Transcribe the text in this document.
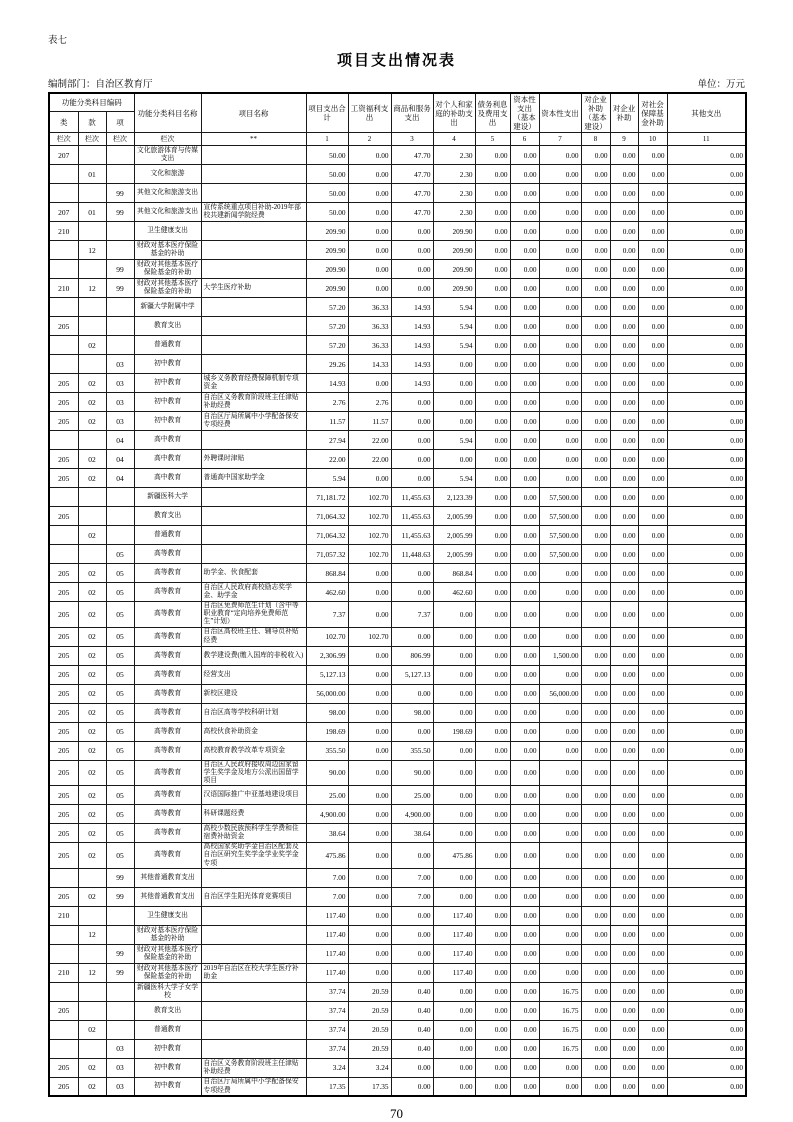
表七
项目支出情况表
编制部门：自治区教育厅	单位：万元
功能分类科目编码			功能分类科目名称	项目名称	项目支出合计	工资福利支出	商品和服务支出	对个人和家庭的补助支出	债务利息及费用支出	资本性支出（基本建设）	资本性支出	对企业补助（基本建设）	对企业补助	对社会保障基金补助	其他支出
类	款	项													
栏次	栏次	栏次	栏次	**	1	2	3	4	5	6	7	8	9	10	11
207			文化旅游体育与传媒支出		50.00	0.00	47.70	2.30	0.00	0.00	0.00	0.00	0.00	0.00	0.00
	01		文化和旅游		50.00	0.00	47.70	2.30	0.00	0.00	0.00	0.00	0.00	0.00	0.00
		99	其他文化和旅游支出		50.00	0.00	47.70	2.30	0.00	0.00	0.00	0.00	0.00	0.00	0.00
207	01	99	其他文化和旅游支出	宣传系统重点项目补助-2019年部校共建新闻学院经费	50.00	0.00	47.70	2.30	0.00	0.00	0.00	0.00	0.00	0.00	0.00
210			卫生健康支出		209.90	0.00	0.00	209.90	0.00	0.00	0.00	0.00	0.00	0.00	0.00
	12		财政对基本医疗保险基金的补助		209.90	0.00	0.00	209.90	0.00	0.00	0.00	0.00	0.00	0.00	0.00
		99	财政对其他基本医疗保险基金的补助		209.90	0.00	0.00	209.90	0.00	0.00	0.00	0.00	0.00	0.00	0.00
210	12	99	财政对其他基本医疗保险基金的补助	大学生医疗补助	209.90	0.00	0.00	209.90	0.00	0.00	0.00	0.00	0.00	0.00	0.00
			新疆大学附属中学		57.20	36.33	14.93	5.94	0.00	0.00	0.00	0.00	0.00	0.00	0.00
205			教育支出		57.20	36.33	14.93	5.94	0.00	0.00	0.00	0.00	0.00	0.00	0.00
	02		普通教育		57.20	36.33	14.93	5.94	0.00	0.00	0.00	0.00	0.00	0.00	0.00
		03	初中教育		29.26	14.33	14.93	0.00	0.00	0.00	0.00	0.00	0.00	0.00	0.00
205	02	03	初中教育	城乡义务教育经费保障机制专项资金	14.93	0.00	14.93	0.00	0.00	0.00	0.00	0.00	0.00	0.00	0.00
205	02	03	初中教育	自治区义务教育阶段班主任津贴补助经费	2.76	2.76	0.00	0.00	0.00	0.00	0.00	0.00	0.00	0.00	0.00
205	02	03	初中教育	自治区厅局所属中小学配备保安专项经费	11.57	11.57	0.00	0.00	0.00	0.00	0.00	0.00	0.00	0.00	0.00
		04	高中教育		27.94	22.00	0.00	5.94	0.00	0.00	0.00	0.00	0.00	0.00	0.00
205	02	04	高中教育	外聘课时津贴	22.00	22.00	0.00	0.00	0.00	0.00	0.00	0.00	0.00	0.00	0.00
205	02	04	高中教育	普通高中国家助学金	5.94	0.00	0.00	5.94	0.00	0.00	0.00	0.00	0.00	0.00	0.00
			新疆医科大学		71,181.72	102.70	11,455.63	2,123.39	0.00	0.00	57,500.00	0.00	0.00	0.00	0.00
205			教育支出		71,064.32	102.70	11,455.63	2,005.99	0.00	0.00	57,500.00	0.00	0.00	0.00	0.00
	02		普通教育		71,064.32	102.70	11,455.63	2,005.99	0.00	0.00	57,500.00	0.00	0.00	0.00	0.00
		05	高等教育		71,057.32	102.70	11,448.63	2,005.99	0.00	0.00	57,500.00	0.00	0.00	0.00	0.00
205	02	05	高等教育	助学金、伙食配套	868.84	0.00	0.00	868.84	0.00	0.00	0.00	0.00	0.00	0.00	0.00
205	02	05	高等教育	自治区人民政府高校励志奖学金、助学金	462.60	0.00	0.00	462.60	0.00	0.00	0.00	0.00	0.00	0.00	0.00
205	02	05	高等教育	自治区免费师范生计划（含中等职业教育“定向培养免费师范生”计划）	7.37	0.00	7.37	0.00	0.00	0.00	0.00	0.00	0.00	0.00	0.00
205	02	05	高等教育	自治区高校班主任、辅导员补贴经费	102.70	102.70	0.00	0.00	0.00	0.00	0.00	0.00	0.00	0.00	0.00
205	02	05	高等教育	教学建设费(缴入国库的非税收入)	2,306.99	0.00	806.99	0.00	0.00	0.00	1,500.00	0.00	0.00	0.00	0.00
205	02	05	高等教育	经营支出	5,127.13	0.00	5,127.13	0.00	0.00	0.00	0.00	0.00	0.00	0.00	0.00
205	02	05	高等教育	新校区建设	56,000.00	0.00	0.00	0.00	0.00	0.00	56,000.00	0.00	0.00	0.00	0.00
205	02	05	高等教育	自治区高等学校科研计划	98.00	0.00	98.00	0.00	0.00	0.00	0.00	0.00	0.00	0.00	0.00
205	02	05	高等教育	高校伙食补助资金	198.69	0.00	0.00	198.69	0.00	0.00	0.00	0.00	0.00	0.00	0.00
205	02	05	高等教育	高校教育教学改革专项资金	355.50	0.00	355.50	0.00	0.00	0.00	0.00	0.00	0.00	0.00	0.00
205	02	05	高等教育	自治区人民政府接收周边国家留学生奖学金及地方公派出国留学项目	90.00	0.00	90.00	0.00	0.00	0.00	0.00	0.00	0.00	0.00	0.00
205	02	05	高等教育	汉语国际推广中亚基地建设项目	25.00	0.00	25.00	0.00	0.00	0.00	0.00	0.00	0.00	0.00	0.00
205	02	05	高等教育	科研课题经费	4,900.00	0.00	4,900.00	0.00	0.00	0.00	0.00	0.00	0.00	0.00	0.00
205	02	05	高等教育	高校少数民族预科学生学费和住宿费补助资金	38.64	0.00	38.64	0.00	0.00	0.00	0.00	0.00	0.00	0.00	0.00
205	02	05	高等教育	高校国家奖助学金自治区配套及自治区研究生奖学金学业奖学金专项	475.86	0.00	0.00	475.86	0.00	0.00	0.00	0.00	0.00	0.00	0.00
		99	其他普通教育支出		7.00	0.00	7.00	0.00	0.00	0.00	0.00	0.00	0.00	0.00	0.00
205	02	99	其他普通教育支出	自治区学生阳光体育竞赛项目	7.00	0.00	7.00	0.00	0.00	0.00	0.00	0.00	0.00	0.00	0.00
210			卫生健康支出		117.40	0.00	0.00	117.40	0.00	0.00	0.00	0.00	0.00	0.00	0.00
	12		财政对基本医疗保险基金的补助		117.40	0.00	0.00	117.40	0.00	0.00	0.00	0.00	0.00	0.00	0.00
		99	财政对其他基本医疗保险基金的补助		117.40	0.00	0.00	117.40	0.00	0.00	0.00	0.00	0.00	0.00	0.00
210	12	99	财政对其他基本医疗保险基金的补助	2019年自治区在校大学生医疗补助金	117.40	0.00	0.00	117.40	0.00	0.00	0.00	0.00	0.00	0.00	0.00
			新疆医科大学子女学校		37.74	20.59	0.40	0.00	0.00	0.00	16.75	0.00	0.00	0.00	0.00
205			教育支出		37.74	20.59	0.40	0.00	0.00	0.00	16.75	0.00	0.00	0.00	0.00
	02		普通教育		37.74	20.59	0.40	0.00	0.00	0.00	16.75	0.00	0.00	0.00	0.00
		03	初中教育		37.74	20.59	0.40	0.00	0.00	0.00	16.75	0.00	0.00	0.00	0.00
205	02	03	初中教育	自治区义务教育阶段班主任津贴补助经费	3.24	3.24	0.00	0.00	0.00	0.00	0.00	0.00	0.00	0.00	0.00
205	02	03	初中教育	自治区厅局所属中小学配备保安专项经费	17.35	17.35	0.00	0.00	0.00	0.00	0.00	0.00	0.00	0.00	0.00
70
